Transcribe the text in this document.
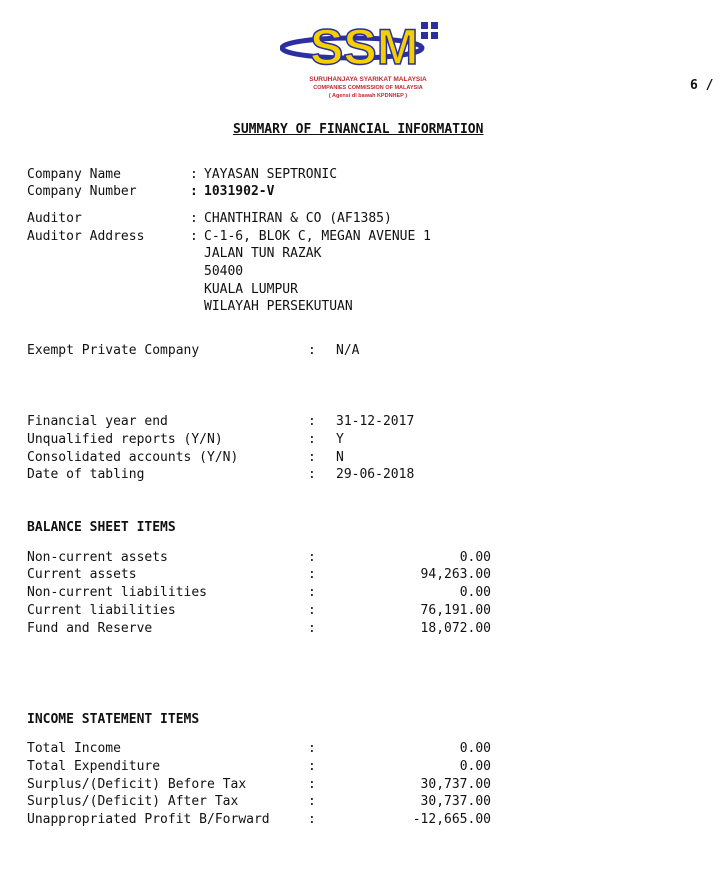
SSM
SURUHANJAYA SYARIKAT MALAYSIA
COMPANIES COMMISSION OF MALAYSIA
( Agensi di bawah KPDNHEP )
6 /
SUMMARY OF FINANCIAL INFORMATION
Company Name	: YAYASAN SEPTRONIC
Company Number	: 1031902-V
Auditor	: CHANTHIRAN & CO (AF1385)
Auditor Address	: C-1-6, BLOK C, MEGAN AVENUE 1
JALAN TUN RAZAK
50400
KUALA LUMPUR
WILAYAH PERSEKUTUAN
Exempt Private Company	: N/A
Financial year end	: 31-12-2017
Unqualified reports (Y/N)	: Y
Consolidated accounts (Y/N)	: N
Date of tabling	: 29-06-2018
BALANCE SHEET ITEMS
Non-current assets	:	0.00
Current assets	:	94,263.00
Non-current liabilities	:	0.00
Current liabilities	:	76,191.00
Fund and Reserve	:	18,072.00
INCOME STATEMENT ITEMS
Total Income	:	0.00
Total Expenditure	:	0.00
Surplus/(Deficit) Before Tax	:	30,737.00
Surplus/(Deficit) After Tax	:	30,737.00
Unappropriated Profit B/Forward	:	-12,665.00
